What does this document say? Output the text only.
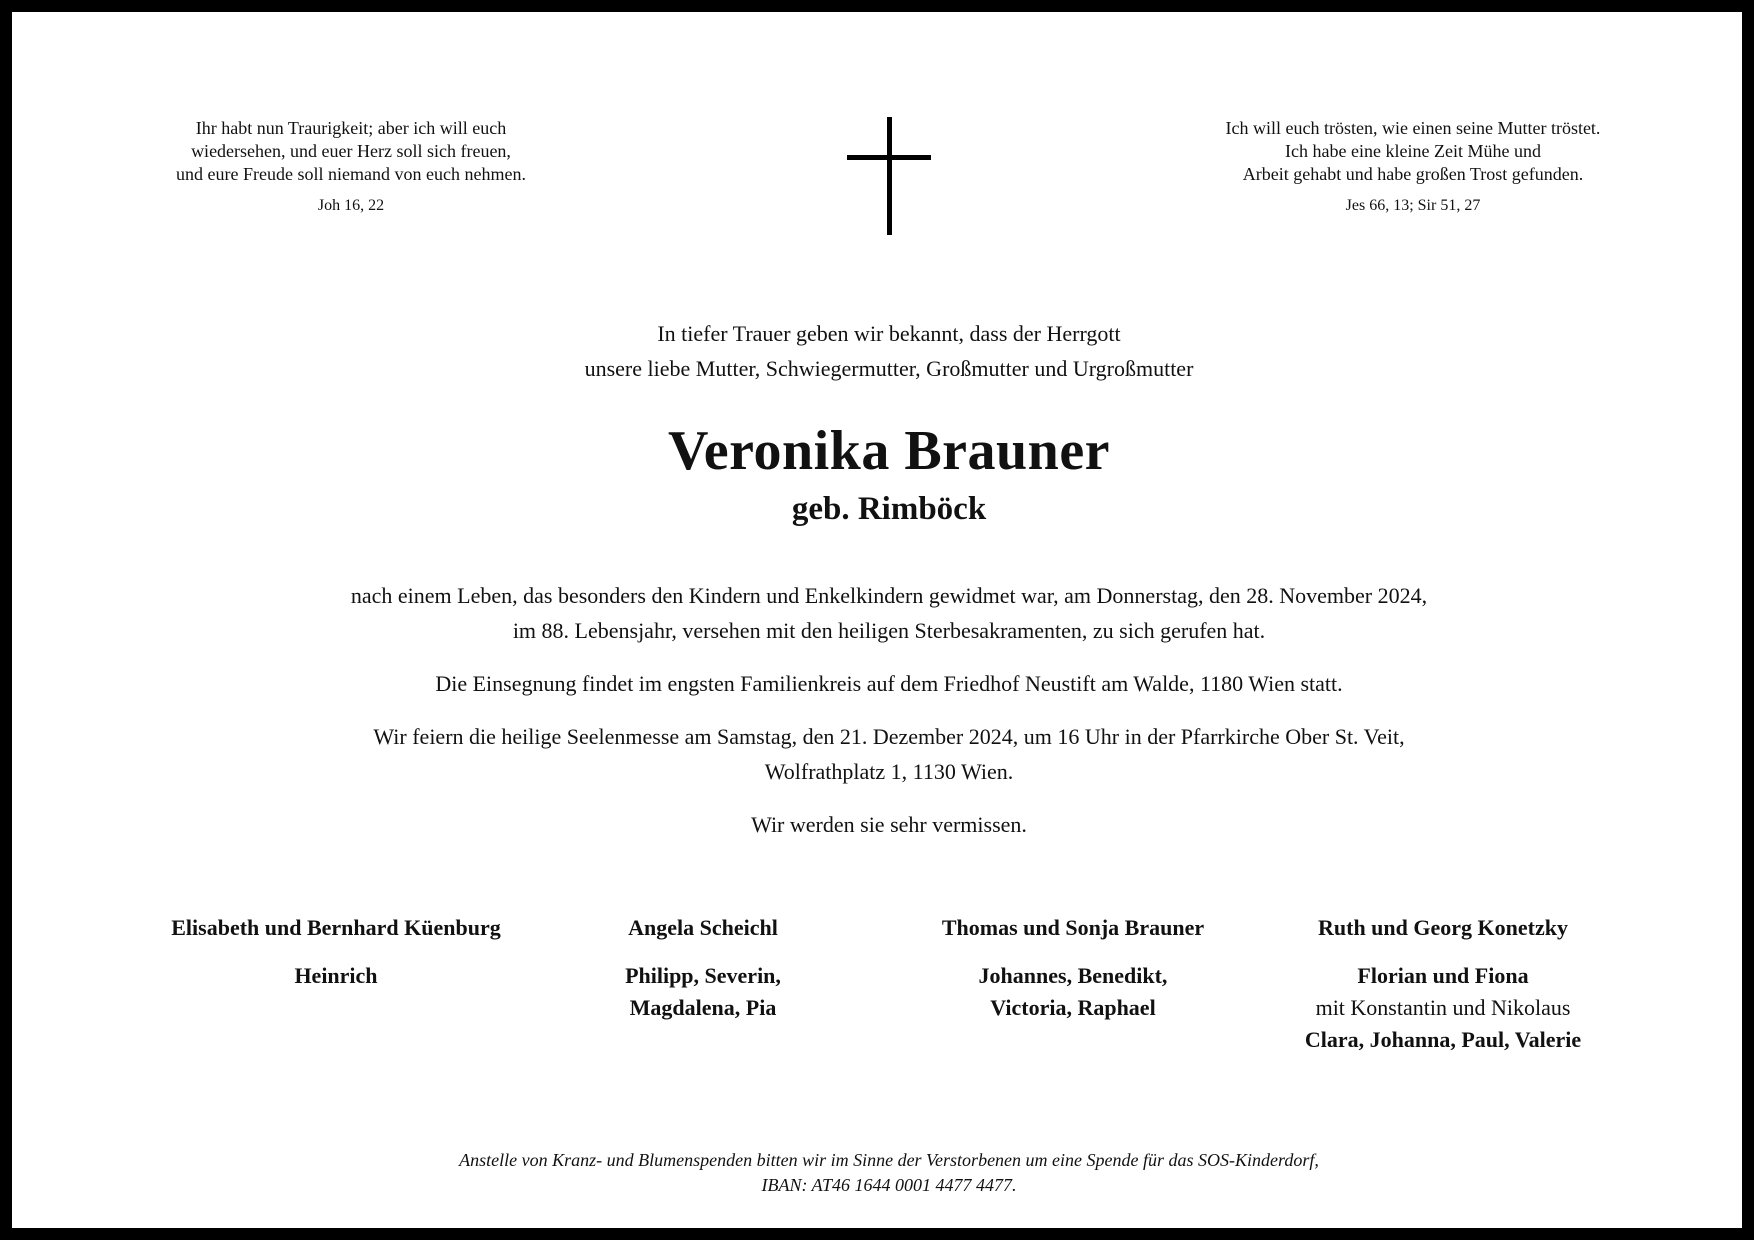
Ihr habt nun Traurigkeit; aber ich will euch
wiedersehen, und euer Herz soll sich freuen,
und eure Freude soll niemand von euch nehmen.
Joh 16, 22
Ich will euch trösten, wie einen seine Mutter tröstet.
Ich habe eine kleine Zeit Mühe und
Arbeit gehabt und habe großen Trost gefunden.
Jes 66, 13; Sir 51, 27
In tiefer Trauer geben wir bekannt, dass der Herrgott
unsere liebe Mutter, Schwiegermutter, Großmutter und Urgroßmutter
Veronika Brauner
geb. Rimböck

nach einem Leben, das besonders den Kindern und Enkelkindern gewidmet war, am Donnerstag, den 28. November 2024,
im 88. Lebensjahr, versehen mit den heiligen Sterbesakramenten, zu sich gerufen hat.

Die Einsegnung findet im engsten Familienkreis auf dem Friedhof Neustift am Walde, 1180 Wien statt.

Wir feiern die heilige Seelenmesse am Samstag, den 21. Dezember 2024, um 16 Uhr in der Pfarrkirche Ober St. Veit,
Wolfrathplatz 1, 1130 Wien.

Wir werden sie sehr vermissen.

Elisabeth und Bernhard Küenburg
Heinrich
Angela Scheichl
Philipp, Severin,
Magdalena, Pia
Thomas und Sonja Brauner
Johannes, Benedikt,
Victoria, Raphael
Ruth und Georg Konetzky
Florian und Fiona
mit Konstantin und Nikolaus
Clara, Johanna, Paul, Valerie
Anstelle von Kranz- und Blumenspenden bitten wir im Sinne der Verstorbenen um eine Spende für das SOS-Kinderdorf,
IBAN: AT46 1644 0001 4477 4477.
